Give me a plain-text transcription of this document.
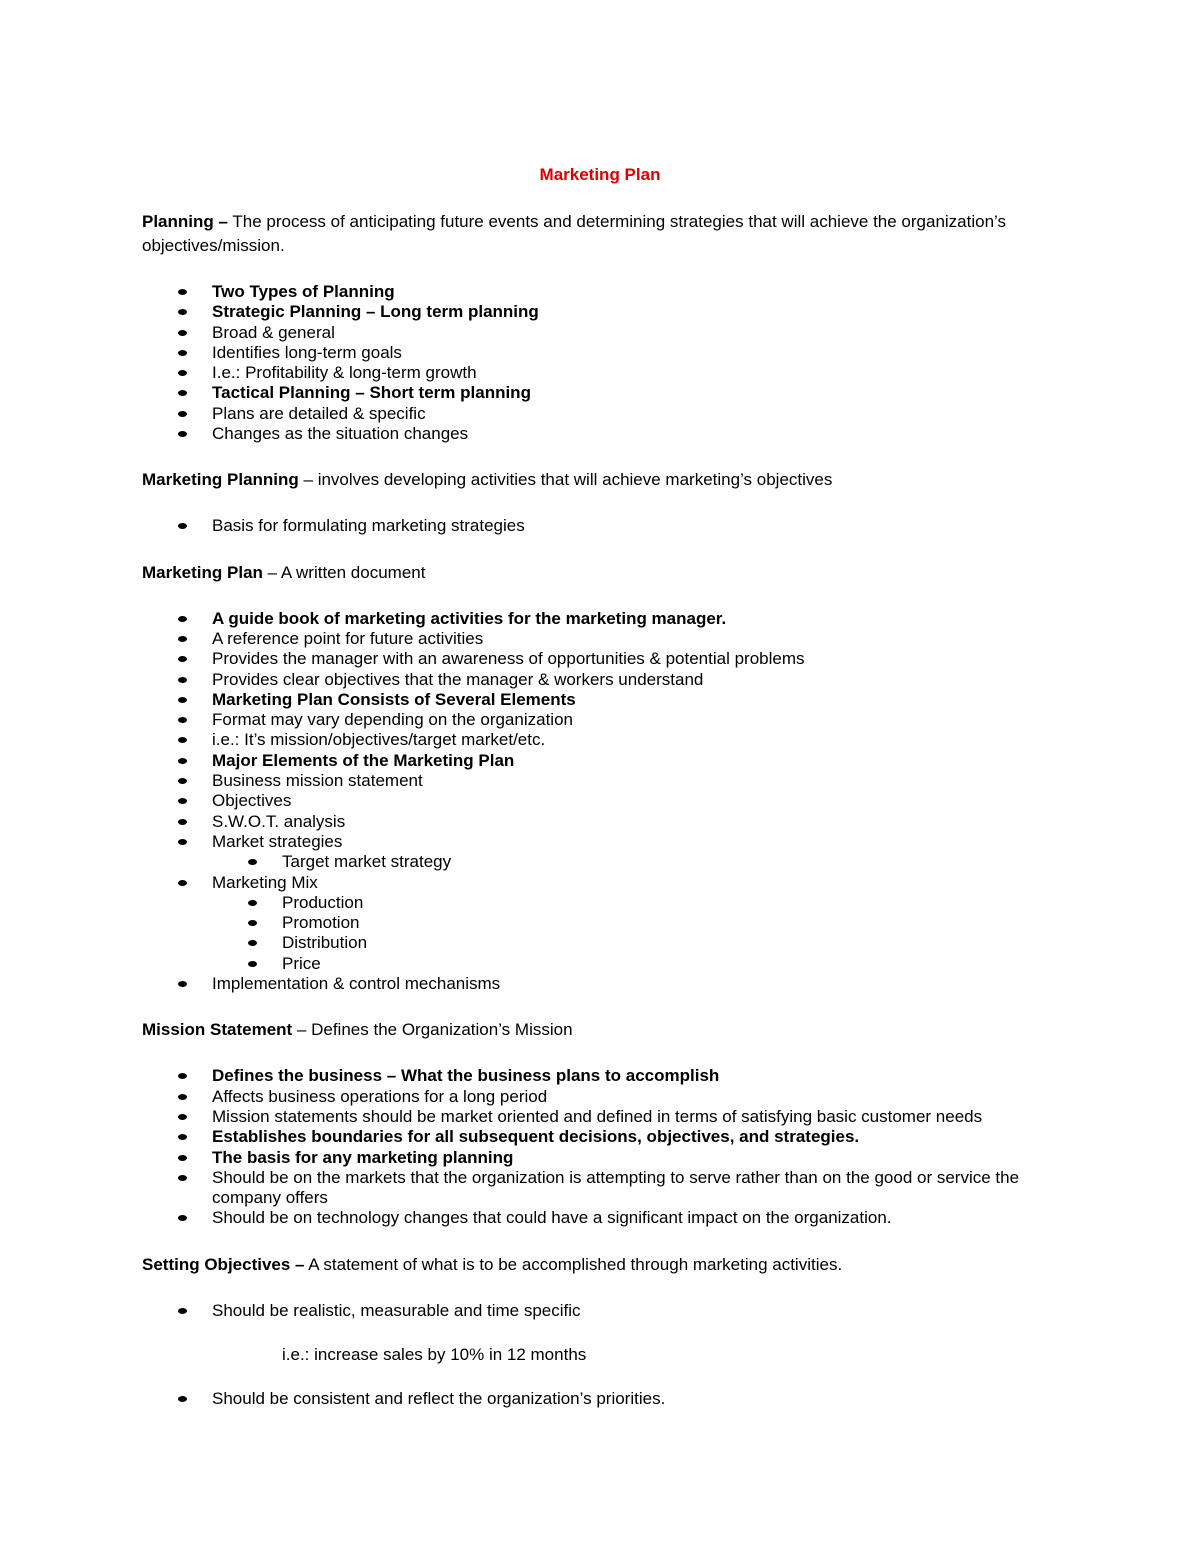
Marketing Plan

Planning – The process of anticipating future events and determining strategies that will achieve the organization’s objectives/mission.

Two Types of Planning
Strategic Planning – Long term planning
Broad & general
Identifies long-term goals
I.e.: Profitability & long-term growth
Tactical Planning – Short term planning
Plans are detailed & specific
Changes as the situation changes

Marketing Planning – involves developing activities that will achieve marketing’s objectives

Basis for formulating marketing strategies

Marketing Plan – A written document

A guide book of marketing activities for the marketing manager.
A reference point for future activities
Provides the manager with an awareness of opportunities & potential problems
Provides clear objectives that the manager & workers understand
Marketing Plan Consists of Several Elements
Format may vary depending on the organization
i.e.: It’s mission/objectives/target market/etc.
Major Elements of the Marketing Plan
Business mission statement
Objectives
S.W.O.T. analysis
Market strategies
Target market strategy
Marketing Mix
Production
Promotion
Distribution
Price
Implementation & control mechanisms

Mission Statement – Defines the Organization’s Mission

Defines the business – What the business plans to accomplish
Affects business operations for a long period
Mission statements should be market oriented and defined in terms of satisfying basic customer needs
Establishes boundaries for all subsequent decisions, objectives, and strategies.
The basis for any marketing planning
Should be on the markets that the organization is attempting to serve rather than on the good or service the company offers
Should be on technology changes that could have a significant impact on the organization.

Setting Objectives – A statement of what is to be accomplished through marketing activities.

Should be realistic, measurable and time specific
i.e.: increase sales by 10% in 12 months
Should be consistent and reflect the organization’s priorities.
